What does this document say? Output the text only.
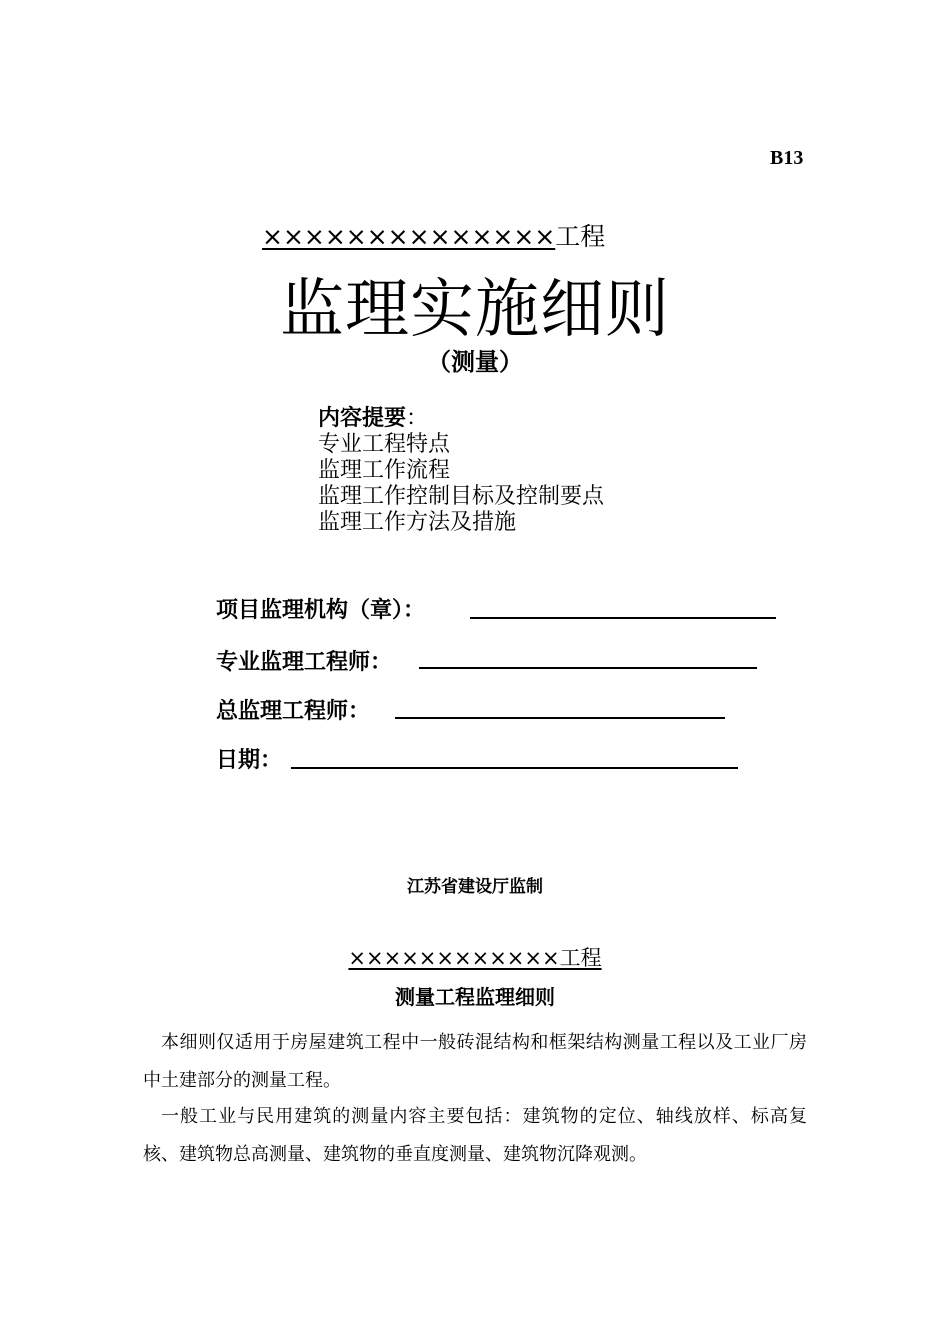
B13
××××××××××××××工程
监理实施细则
（测量）
内容提要：
专业工程特点
监理工作流程
监理工作控制目标及控制要点
监理工作方法及措施
项目监理机构（章）：
专业监理工程师：
总监理工程师：
日期：
江苏省建设厅监制
××××××××××××工程
测量工程监理细则
本细则仅适用于房屋建筑工程中一般砖混结构和框架结构测量工程以及工业厂房中土建部分的测量工程。
一般工业与民用建筑的测量内容主要包括：建筑物的定位、轴线放样、标高复核、建筑物总高测量、建筑物的垂直度测量、建筑物沉降观测。
